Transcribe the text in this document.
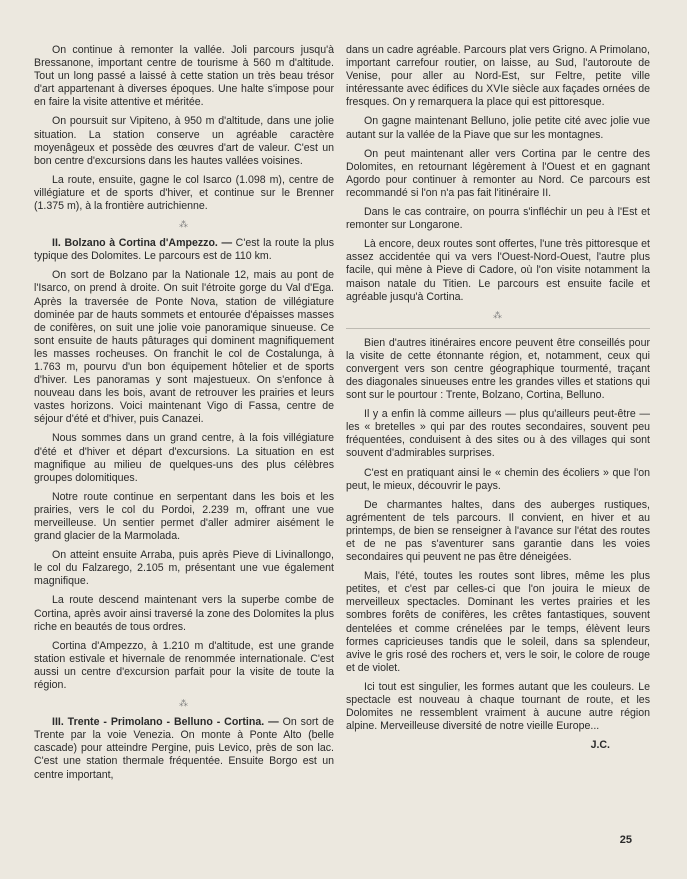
On continue à remonter la vallée. Joli parcours jusqu'à Bressanone, important centre de tourisme à 560 m d'altitude. Tout un long passé a laissé à cette station un très beau trésor d'art appartenant à diverses époques. Une halte s'impose pour en faire la visite attentive et méritée.

On poursuit sur Vipiteno, à 950 m d'altitude, dans une jolie situation. La station conserve un agréable caractère moyenâgeux et possède des œuvres d'art de valeur. C'est un bon centre d'excursions dans les hautes vallées voisines.

La route, ensuite, gagne le col Isarco (1.098 m), centre de villégiature et de sports d'hiver, et continue sur le Brenner (1.375 m), à la frontière autrichienne.

⁂

II. Bolzano à Cortina d'Ampezzo. — C'est la route la plus typique des Dolomites. Le parcours est de 110 km.

On sort de Bolzano par la Nationale 12, mais au pont de l'Isarco, on prend à droite. On suit l'étroite gorge du Val d'Ega. Après la traversée de Ponte Nova, station de villégiature dominée par de hauts sommets et entourée d'épaisses masses de conifères, on suit une jolie voie panoramique sinueuse. Ce sont ensuite de hauts pâturages qui dominent magnifiquement les masses rocheuses. On franchit le col de Costalunga, à 1.763 m, pourvu d'un bon équipement hôtelier et de sports d'hiver. Les panoramas y sont majestueux. On s'enfonce à nouveau dans les bois, avant de retrouver les prairies et leurs vastes horizons. Voici maintenant Vigo di Fassa, centre de séjour d'été et d'hiver, puis Canazei.

Nous sommes dans un grand centre, à la fois villégiature d'été et d'hiver et départ d'excursions. La situation en est magnifique au milieu de quelques-uns des plus célèbres groupes dolomitiques.

Notre route continue en serpentant dans les bois et les prairies, vers le col du Pordoi, 2.239 m, offrant une vue merveilleuse. Un sentier permet d'aller admirer aisément le grand glacier de la Marmolada.

On atteint ensuite Arraba, puis après Pieve di Livinallongo, le col du Falzarego, 2.105 m, présentant une vue également magnifique.

La route descend maintenant vers la superbe combe de Cortina, après avoir ainsi traversé la zone des Dolomites la plus riche en beautés de tous ordres.

Cortina d'Ampezzo, à 1.210 m d'altitude, est une grande station estivale et hivernale de renommée internationale. C'est aussi un centre d'excursion parfait pour la visite de toute la région.

⁂

III. Trente - Primolano - Belluno - Cortina. — On sort de Trente par la voie Venezia. On monte à Ponte Alto (belle cascade) pour atteindre Pergine, puis Levico, près de son lac. C'est une station thermale fréquentée. Ensuite Borgo est un centre important,

dans un cadre agréable. Parcours plat vers Grigno. A Primolano, important carrefour routier, on laisse, au Sud, l'autoroute de Venise, pour aller au Nord-Est, sur Feltre, petite ville intéressante avec édifices du XVIe siècle aux façades ornées de fresques. On y remarquera la place qui est pittoresque.

On gagne maintenant Belluno, jolie petite cité avec jolie vue autant sur la vallée de la Piave que sur les montagnes.

On peut maintenant aller vers Cortina par le centre des Dolomites, en retournant légèrement à l'Ouest et en gagnant Agordo pour continuer à remonter au Nord. Ce parcours est recommandé si l'on n'a pas fait l'itinéraire II.

Dans le cas contraire, on pourra s'infléchir un peu à l'Est et remonter sur Longarone.

Là encore, deux routes sont offertes, l'une très pittoresque et assez accidentée qui va vers l'Ouest-Nord-Ouest, l'autre plus facile, qui mène à Pieve di Cadore, où l'on visite notamment la maison natale du Titien. Le parcours est ensuite facile et agréable jusqu'à Cortina.

⁂

Bien d'autres itinéraires encore peuvent être conseillés pour la visite de cette étonnante région, et, notamment, ceux qui convergent vers son centre géographique tourmenté, traçant des diagonales sinueuses entre les grandes villes et stations qui sont sur le pourtour : Trente, Bolzano, Cortina, Belluno.

Il y a enfin là comme ailleurs — plus qu'ailleurs peut-être — les « bretelles » qui par des routes secondaires, souvent peu fréquentées, conduisent à des sites ou à des villages qui sont souvent d'admirables surprises.

C'est en pratiquant ainsi le « chemin des écoliers » que l'on peut, le mieux, découvrir le pays.

De charmantes haltes, dans des auberges rustiques, agrémentent de tels parcours. Il convient, en hiver et au printemps, de bien se renseigner à l'avance sur l'état des routes et de ne pas s'aventurer sans garantie dans les voies secondaires qui peuvent ne pas être déneigées.

Mais, l'été, toutes les routes sont libres, même les plus petites, et c'est par celles-ci que l'on jouira le mieux de merveilleux spectacles. Dominant les vertes prairies et les sombres forêts de conifères, les crêtes fantastiques, souvent dentelées et comme crénelées par le temps, élèvent leurs formes capricieuses tandis que le soleil, dans sa splendeur, avive le gris rosé des rochers et, vers le soir, le colore de rouge et de violet.

Ici tout est singulier, les formes autant que les couleurs. Le spectacle est nouveau à chaque tournant de route, et les Dolomites ne ressemblent vraiment à aucune autre région alpine. Merveilleuse diversité de notre vieille Europe...

J.C.
25
